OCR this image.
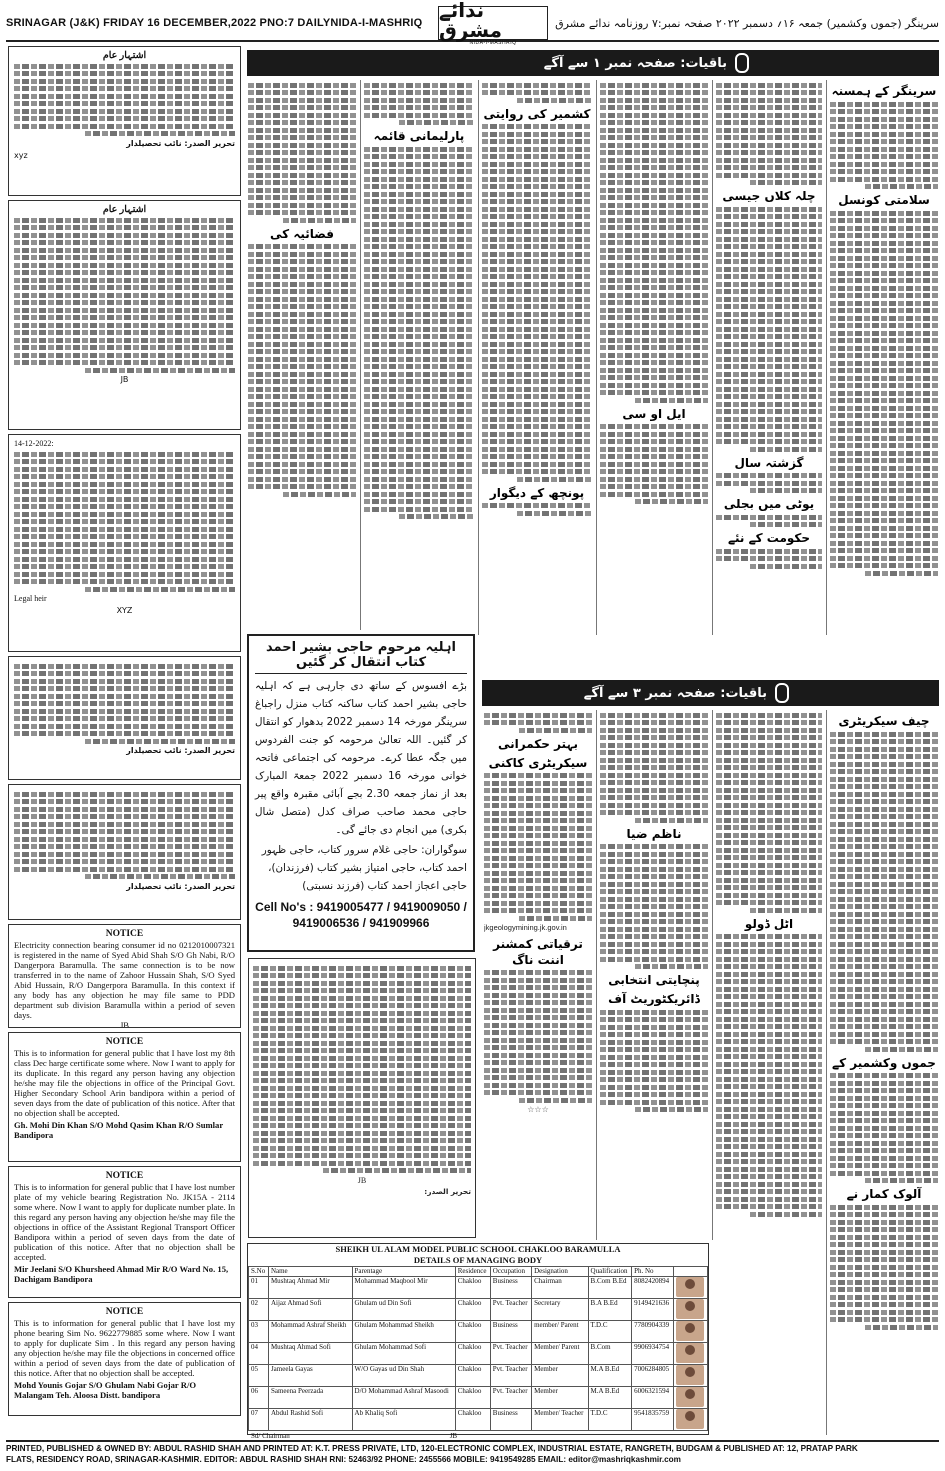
SRINAGAR (J&K) FRIDAY 16 DECEMBER,2022 PNO:7 DAILYNIDA-I-MASHRIQ
ندائے مشرق
NIDA-I-MASHRIQ
سرینگر (جموں وکشمیر) جمعہ ۱۶؍ دسمبر ۲۰۲۲ صفحہ نمبر:۷ روزنامہ ندائے مشرق
اشتہار عام
تحریر الصدر: نائب تحصیلدار
xyz
اشتہار عام
JB
14-12-2022:
Legal heir
XYZ
تحریر الصدر: نائب تحصیلدار
تحریر الصدر: نائب تحصیلدار
NOTICE
Electricity connection bearing consumer id no 0212010007321 is registered in the name of Syed Abid Shah S/O Gh Nabi, R/O Dangerpora Baramulla. The same connection is to be now transferred in to the name of Zahoor Hussain Shah, S/O Syed Abid Hussain, R/O Dangerpora Baramulla. In this context if any body has any objection he may file same to PDD department sub division Baramulla within a period of seven days.
JB
NOTICE
This is to information for general public that I have lost my 8th class Dec harge certificate some where. Now I want to apply for its duplicate. In this regard any person having any objection he/she may file the objections in office of the Principal Govt. Higher Secondary School Arin bandipora within a period of seven days from the date of publication of this notice. After that no objection shall be accepted.
Gh. Mohi Din Khan S/O Mohd Qasim Khan R/O Sumlar Bandipora
NOTICE
This is to information for general public that I have lost number plate of my vehicle bearing Registration No. JK15A - 2114 some where. Now I want to apply for duplicate number plate. In this regard any person having any objection he/she may file the objections in office of the Assistant Regional Transport Officer Bandipora within a period of seven days from the date of publication of this notice. After that no objection shall be accepted.
Mir Jeelani S/O Khursheed Ahmad Mir R/O Ward No. 15, Dachigam Bandipora
NOTICE
This is to information for general public that I have lost my phone bearing Sim No. 9622779885 some where. Now I want to apply for duplicate Sim . In this regard any person having any objection he/she may file the objections in concerned office within a period of seven days from the date of publication of this notice. After that no objection shall be accepted.
Mohd Younis Gojar S/O Ghulam Nabi Gojar R/O Malangam Teh. Aloosa Distt. bandipora
باقیات: صفحہ نمبر ۱ سے آگے
سرینگر کے ہمسنہ
سلامتی کونسل
چلہ کلاں جیسی
گزشتہ سال
یوٹی میں بجلی
حکومت کے نئے
ایل او سی
کشمیر کی روایتی
پونچھ کے دیگوار
پارلیمانی قائمہ
فضائیہ کی
اہلیہ مرحوم حاجی بشیر احمد کتاب انتقال کر گئیں
بڑے افسوس کے ساتھ دی جارہی ہے کہ اہلیہ حاجی بشیر احمد کتاب ساکنہ کتاب منزل راجباغ سرینگر مورخہ 14 دسمبر 2022 بدھوار کو انتقال کر گئیں۔ اللہ تعالیٰ مرحومہ کو جنت الفردوس میں جگہ عطا کرے۔ مرحومہ کی اجتماعی فاتحہ خوانی مورخہ 16 دسمبر 2022 جمعۃ المبارک بعد از نماز جمعہ 2.30 بجے آبائی مقبرہ واقع پیر حاجی محمد صاحب صراف کدل (متصل شال بکری) میں انجام دی جائے گی۔
سوگواران: حاجی غلام سرور کتاب، حاجی ظہور احمد کتاب، حاجی امتیاز بشیر کتاب (فرزندان)، حاجی اعجاز احمد کتاب (فرزند نسبتی)
Cell No's : 9419005477 / 9419009050 / 9419006536 / 941909966
JB
تحریر الصدر:
باقیات: صفحہ نمبر ۳ سے آگے
چیف سیکریٹری
جموں وکشمیر کے
آلوک کمار نے
اٹل ڈولو
ناظم ضیا
پنچایتی انتخابی
ڈائریکٹوریٹ آف
بہتر حکمرانی
سیکریٹری کاکنی
jkgeologymining.jk.gov.in
ترقیاتی کمشنر اننت ناگ
☆☆☆
SHEIKH UL ALAM MODEL PUBLIC SCHOOL CHAKLOO BARAMULLA
DETAILS OF MANAGING BODY
S.No	Name	Parentage	Residence	Occupation	Designation	Qualification	Ph. No	
01	Mushtaq Ahmad Mir	Mohammad Maqbool Mir	Chakloo	Business	Chairman	B.Com B.Ed	8082420894	

02	Aijaz Ahmad Sofi	Ghulam ud Din Sofi	Chakloo	Pvt. Teacher	Secretary	B.A B.Ed	9149421636	

03	Mohammad Ashraf Sheikh	Ghulam Mohammad Sheikh	Chakloo	Business	member/ Parent	T.D.C	7780904339	

04	Mushtaq Ahmad Sofi	Ghulam Mohammad Sofi	Chakloo	Pvt. Teacher	Member/ Parent	B.Com	9906934754	

05	Jameela Gayas	W/O Gayas ud Din Shah	Chakloo	Pvt. Teacher	Member	M.A B.Ed	7006284805	

06	Sameena Peerzada	D/O Mohammad Ashraf Masoodi	Chakloo	Pvt. Teacher	Member	M.A B.Ed	6006321594	

07	Abdul Rashid Sofi	Ab Khaliq Sofi	Chakloo	Business	Member/ Teacher	T.D.C	9541835759	
Sd/ Chairman	JB
PRINTED, PUBLISHED & OWNED BY: ABDUL RASHID SHAH AND PRINTED AT: K.T. PRESS PRIVATE, LTD, 120-ELECTRONIC COMPLEX, INDUSTRIAL ESTATE, RANGRETH, BUDGAM & PUBLISHED AT: 12, PRATAP PARK
FLATS, RESIDENCY ROAD, SRINAGAR-KASHMIR. EDITOR: ABDUL RASHID SHAH RNI: 52463/92 PHONE: 2455566 MOBILE: 9419549285 EMAIL: editor@mashriqkashmir.com
